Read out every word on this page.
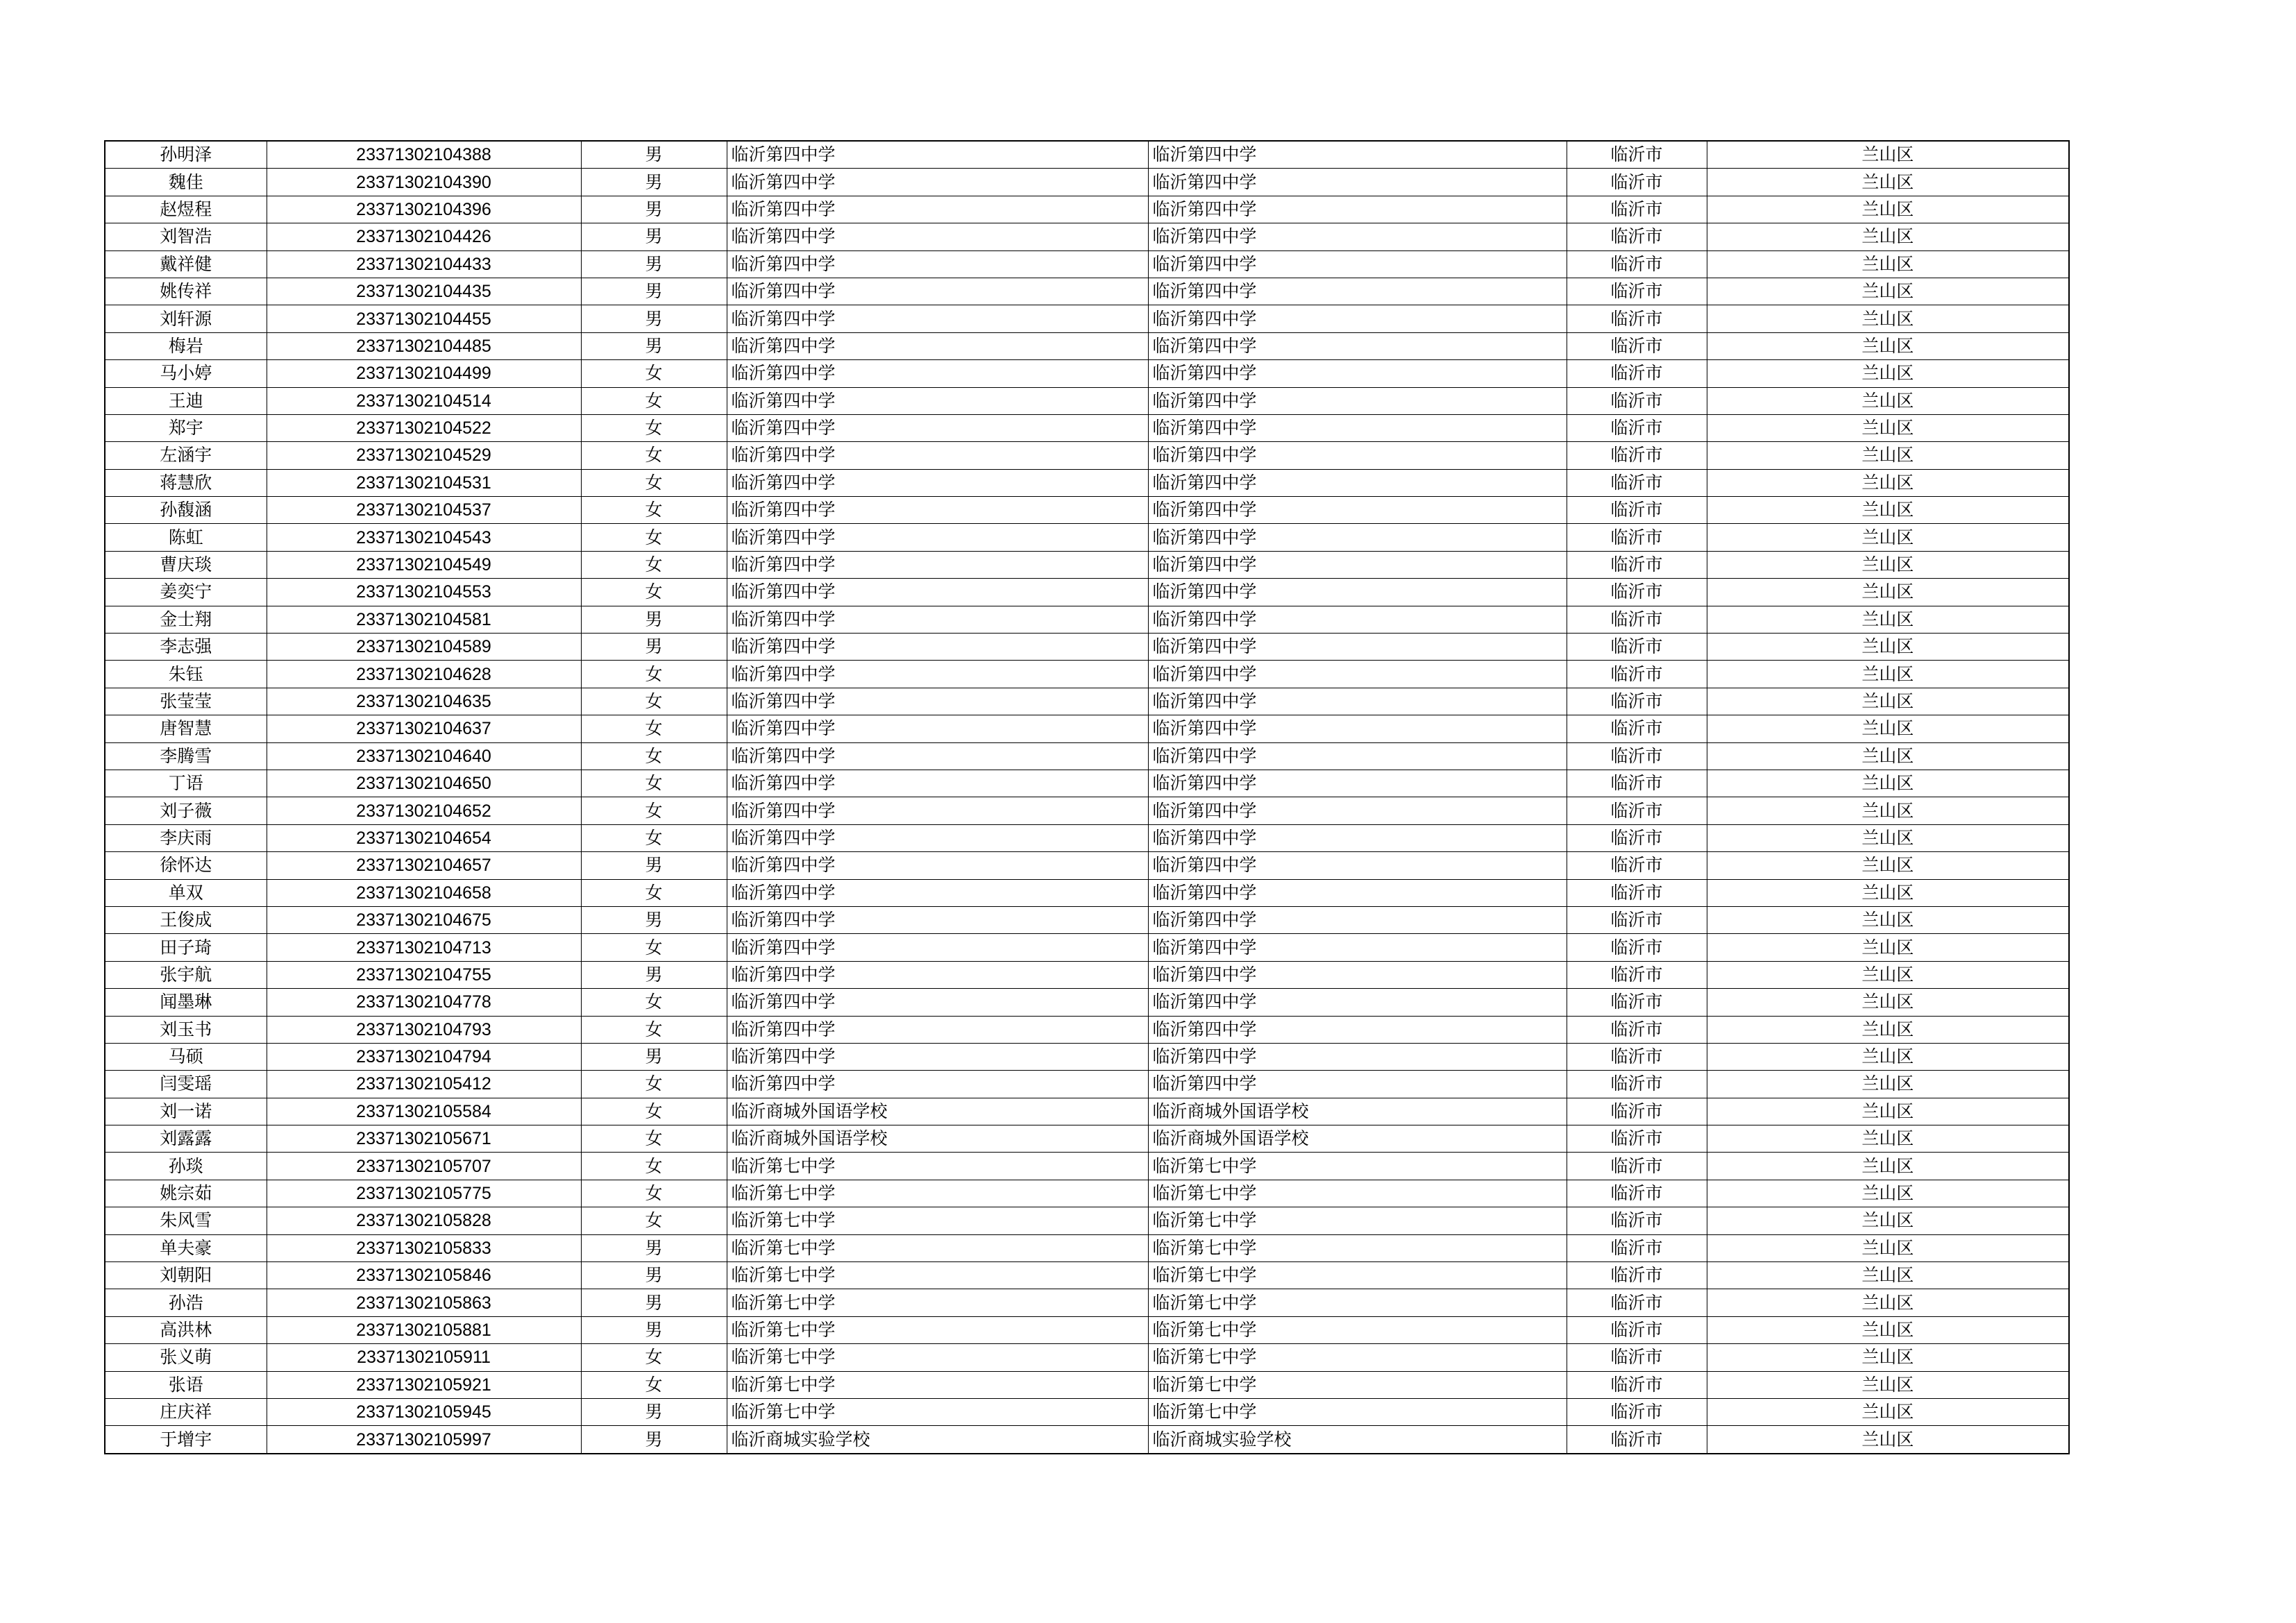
孙明泽	23371302104388	男	临沂第四中学	临沂第四中学	临沂市	兰山区
魏佳	23371302104390	男	临沂第四中学	临沂第四中学	临沂市	兰山区
赵煜程	23371302104396	男	临沂第四中学	临沂第四中学	临沂市	兰山区
刘智浩	23371302104426	男	临沂第四中学	临沂第四中学	临沂市	兰山区
戴祥健	23371302104433	男	临沂第四中学	临沂第四中学	临沂市	兰山区
姚传祥	23371302104435	男	临沂第四中学	临沂第四中学	临沂市	兰山区
刘轩源	23371302104455	男	临沂第四中学	临沂第四中学	临沂市	兰山区
梅岩	23371302104485	男	临沂第四中学	临沂第四中学	临沂市	兰山区
马小婷	23371302104499	女	临沂第四中学	临沂第四中学	临沂市	兰山区
王迪	23371302104514	女	临沂第四中学	临沂第四中学	临沂市	兰山区
郑宇	23371302104522	女	临沂第四中学	临沂第四中学	临沂市	兰山区
左涵宇	23371302104529	女	临沂第四中学	临沂第四中学	临沂市	兰山区
蒋慧欣	23371302104531	女	临沂第四中学	临沂第四中学	临沂市	兰山区
孙馥涵	23371302104537	女	临沂第四中学	临沂第四中学	临沂市	兰山区
陈虹	23371302104543	女	临沂第四中学	临沂第四中学	临沂市	兰山区
曹庆琰	23371302104549	女	临沂第四中学	临沂第四中学	临沂市	兰山区
姜奕宁	23371302104553	女	临沂第四中学	临沂第四中学	临沂市	兰山区
金士翔	23371302104581	男	临沂第四中学	临沂第四中学	临沂市	兰山区
李志强	23371302104589	男	临沂第四中学	临沂第四中学	临沂市	兰山区
朱钰	23371302104628	女	临沂第四中学	临沂第四中学	临沂市	兰山区
张莹莹	23371302104635	女	临沂第四中学	临沂第四中学	临沂市	兰山区
唐智慧	23371302104637	女	临沂第四中学	临沂第四中学	临沂市	兰山区
李腾雪	23371302104640	女	临沂第四中学	临沂第四中学	临沂市	兰山区
丁语	23371302104650	女	临沂第四中学	临沂第四中学	临沂市	兰山区
刘子薇	23371302104652	女	临沂第四中学	临沂第四中学	临沂市	兰山区
李庆雨	23371302104654	女	临沂第四中学	临沂第四中学	临沂市	兰山区
徐怀达	23371302104657	男	临沂第四中学	临沂第四中学	临沂市	兰山区
单双	23371302104658	女	临沂第四中学	临沂第四中学	临沂市	兰山区
王俊成	23371302104675	男	临沂第四中学	临沂第四中学	临沂市	兰山区
田子琦	23371302104713	女	临沂第四中学	临沂第四中学	临沂市	兰山区
张宇航	23371302104755	男	临沂第四中学	临沂第四中学	临沂市	兰山区
闻墨琳	23371302104778	女	临沂第四中学	临沂第四中学	临沂市	兰山区
刘玉书	23371302104793	女	临沂第四中学	临沂第四中学	临沂市	兰山区
马硕	23371302104794	男	临沂第四中学	临沂第四中学	临沂市	兰山区
闫雯瑶	23371302105412	女	临沂第四中学	临沂第四中学	临沂市	兰山区
刘一诺	23371302105584	女	临沂商城外国语学校	临沂商城外国语学校	临沂市	兰山区
刘露露	23371302105671	女	临沂商城外国语学校	临沂商城外国语学校	临沂市	兰山区
孙琰	23371302105707	女	临沂第七中学	临沂第七中学	临沂市	兰山区
姚宗茹	23371302105775	女	临沂第七中学	临沂第七中学	临沂市	兰山区
朱风雪	23371302105828	女	临沂第七中学	临沂第七中学	临沂市	兰山区
单夫豪	23371302105833	男	临沂第七中学	临沂第七中学	临沂市	兰山区
刘朝阳	23371302105846	男	临沂第七中学	临沂第七中学	临沂市	兰山区
孙浩	23371302105863	男	临沂第七中学	临沂第七中学	临沂市	兰山区
高洪林	23371302105881	男	临沂第七中学	临沂第七中学	临沂市	兰山区
张义萌	23371302105911	女	临沂第七中学	临沂第七中学	临沂市	兰山区
张语	23371302105921	女	临沂第七中学	临沂第七中学	临沂市	兰山区
庄庆祥	23371302105945	男	临沂第七中学	临沂第七中学	临沂市	兰山区
于增宇	23371302105997	男	临沂商城实验学校	临沂商城实验学校	临沂市	兰山区
